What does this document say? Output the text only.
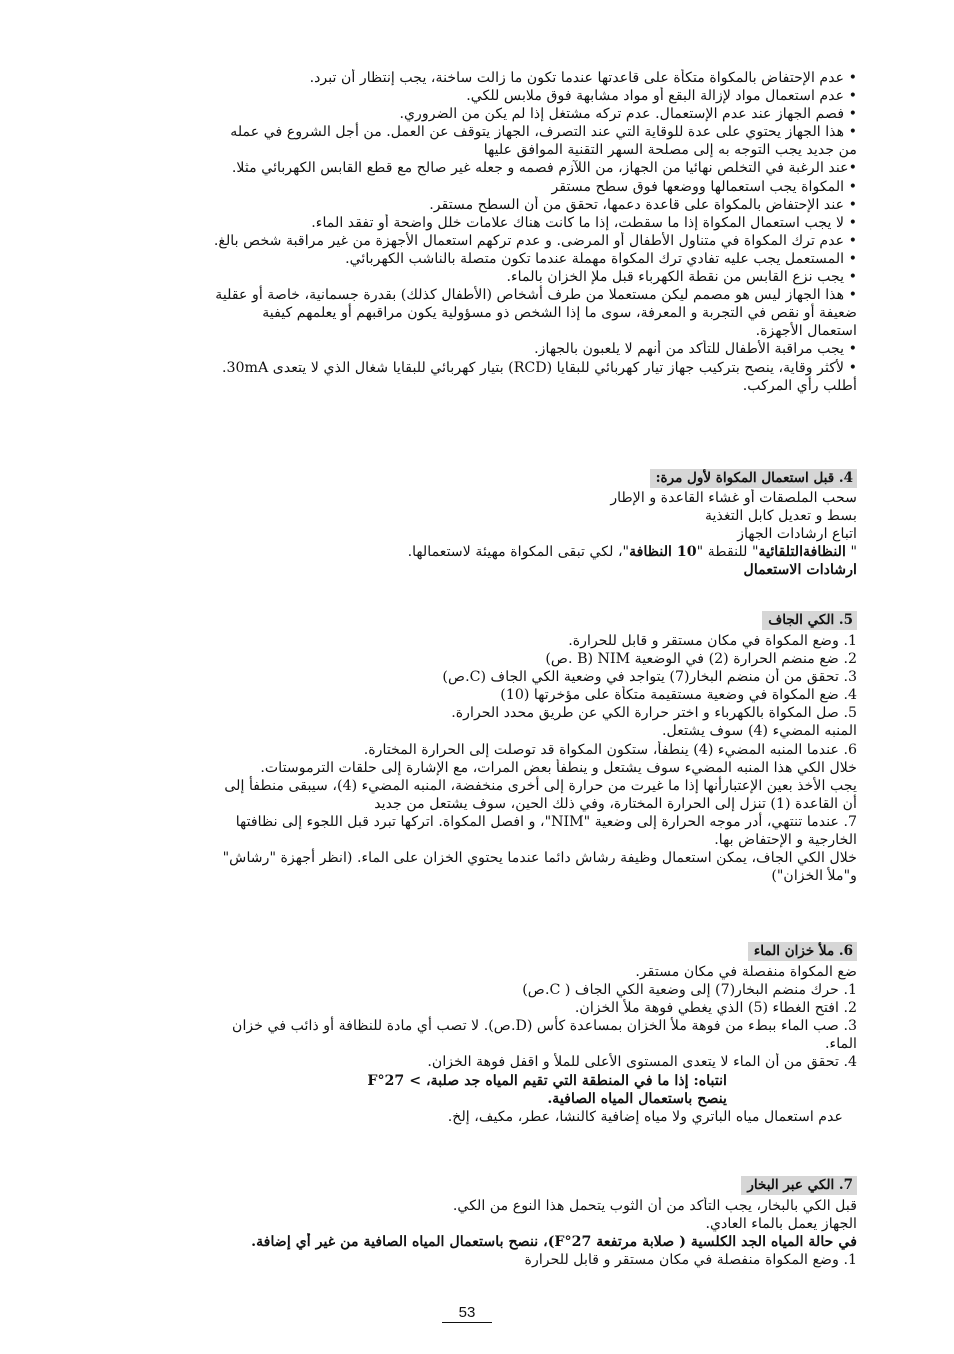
• عدم الإحتفاض بالمكواة متكأة على قاعدتها عندما تكون ما زالت ساخنة، يجب إنتظار أن تبرد.
• عدم استعمال مواد لإزالة البقع أو مواد مشابهة فوق ملابس للكي.
• فصم الجهاز عند عدم الإستعمال. عدم تركه مشتغل إذا لم يكن من الضروري.
• هذا الجهاز يحتوي على عدة للوقاية التي عند التصرف، الجهاز يتوقف عن العمل. من أجل الشروع في عمله من جديد يجب التوجه به إلى مصلحة السهر التقنية الموافق عليها
•عند الرغبة في التخلص نهائيا من الجهاز، من اللآزم فصمه و جعله غير صالح مع قطع القابس الكهربائي مثلا.
• المكواة يجب استعمالها ووضعها فوق سطح مستقر
• عند الإحتفاض بالمكواة على قاعدة دعمها، تحقق من أن السطح مستقر.
• لا يجب استعمال المكواة إذا ما سقطت، إذا ما كانت هناك علامات خلل واضحة أو تفقد الماء.
• عدم ترك المكواة في متناول الأطفال أو المرضى. و عدم تركهم استعمال الأجهزة من غير مراقبة شخص بالغ.
• المستعمل يجب عليه تفادي ترك المكواة مهملة عندما تكون متصلة بالناشب الكهربائي.
• يجب نزع القابس من نقطة الكهرباء قبل ملإ الخزان بالماء.
• هذا الجهاز ليس هو مصمم ليكن مستعملا من طرف أشخاص (الأطفال كذلك) بقدرة جسمانية، خاصة أو عقلية ضعيفة أو نقص في التجربة و المعرفة، سوى ما إذا الشخص ذو مسؤولية يكون مراقبهم أو يعلمهم كيفية استعمال الأجهزة.
• يجب مراقبة الأطفال للتأكد من أنهم لا يلعبون بالجهاز.
• لأكثر وقاية، ينصح بتركيب جهاز تيار كهربائي للبقايا (RCD) بتيار كهربائي للبقايا شغال الذي لا يتعدى 30mA. أطلب رأي المركب.
4. قبل استعمال المكواة لأول مرة:
سحب الملصقات أو غشاء القاعدة و الإطار
بسط و تعديل كابل التغذية
اتباع ارشادات الجهاز
" النظافةالتلقائية" للنقطة "10 النظافة"، لكي تبقى المكواة مهيئة لاستعمالها.
ارشادات الاستعمال
5. الكي الجاف
1. وضع المكواة في مكان مستقر و قابل للحرارة.
2. ضع منضم الحرارة (2) في الوضعية NIM (B .ص)
3. تحقق من أن منضم البخار(7) يتواجد في وضعية الكي الجاف (C.ص)
4. ضع المكواة في وضعية مستقيمة متكأة على مؤخرتها (10)
5. صل المكواة بالكهرباء و اختر حرارة الكي عن طريق محدد الحرارة.
المنبه المضيء (4) سوف يشتعل.
6. عندما المنبه المضيء (4) ينطفأ، ستكون المكواة قد توصلت إلى الحرارة المختارة.
خلال الكي هذا المنبه المضيء سوف يشتعل و ينطفأ بعض المرات، مع الإشارة إلى حلقات الترموستات.
يجب الأخذ بعين الإعتبارأنها إذا ما غيرت من حرارة إلى أخرى منخفضة، المنبه المضيء (4)، سيبقى منطفأ إلى أن القاعدة (1) تنزل إلى الحرارة المختارة، وفي ذلك الحين، سوف يشتعل من جديد
7. عندما تنتهي، أدر موجه الحرارة إلى وضعية "NIM"، و افصل المكواة. اتركها تبرد قبل اللجوء إلى نظافتها الخارجية و الإحتفاض بها.
خلال الكي الجاف، يمكن استعمال وظيفة رشاش دائما عندما يحتوي الخزان على الماء. (انظر أجهزة "رشاش" و"ملأ الخزان")
6. ملأ خزان الماء
ضع المكواة منفصلة في مكان مستقر.
1. حرك منضم البخار(7) إلى وضعية الكي الجاف ( C.ص)
2. افتح الغطاء (5) الذي يغطي فوهة ملأ الخزان.
3. صب الماء ببطء من فوهة ملأ الخزان بمساعدة كأس (D.ص). لا تصب أي مادة للنظافة أو ذائب في خزان الماء.
4. تحقق من أن الماء لا يتعدى المستوى الأعلى للملأ و اقفل فوهة الخزان.
انتباه: إذا ما في المنطقة التي تقيم المياه جد صلبة، > 27°F
ينصح باستعمال المياه الصافية.
عدم استعمال مياه الباتري ولا مياه إضافية كالنشا، عطر، مكيف، إلخ.
7. الكي عبر البخار
قبل الكي بالبخار، يجب التأكد من أن الثوب يتحمل هذا النوع من الكي.
الجهاز يعمل بالماء العادي.
في حالة المياه الجد الكلسية ( صلابة مرتفعة 27°F)، ننصح باستعمال المياه الصافية من غير أي إضافة.
1. وضع المكواة منفصلة في مكان مستقر و قابل للحرارة
53
